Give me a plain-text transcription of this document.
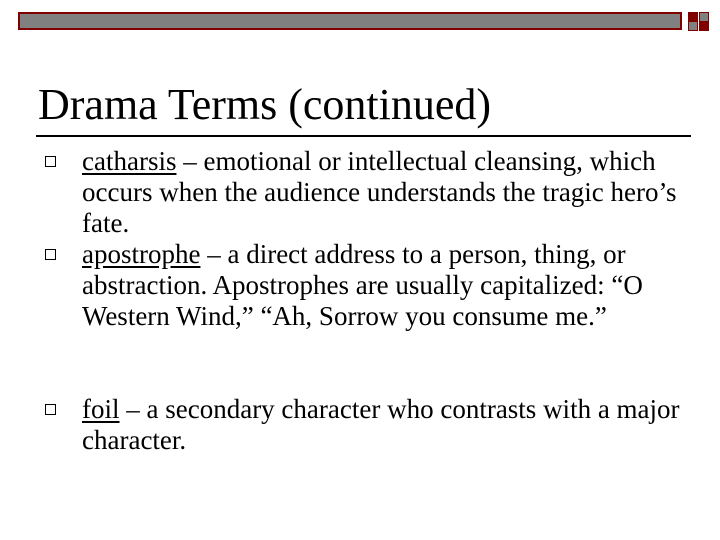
Drama Terms (continued)
catharsis – emotional or intellectual cleansing, which occurs when the audience understands the tragic hero’s fate.
apostrophe – a direct address to a person, thing, or abstraction. Apostrophes are usually capitalized: “O Western Wind,” “Ah, Sorrow you consume me.”
foil – a secondary character who contrasts with a major character.
